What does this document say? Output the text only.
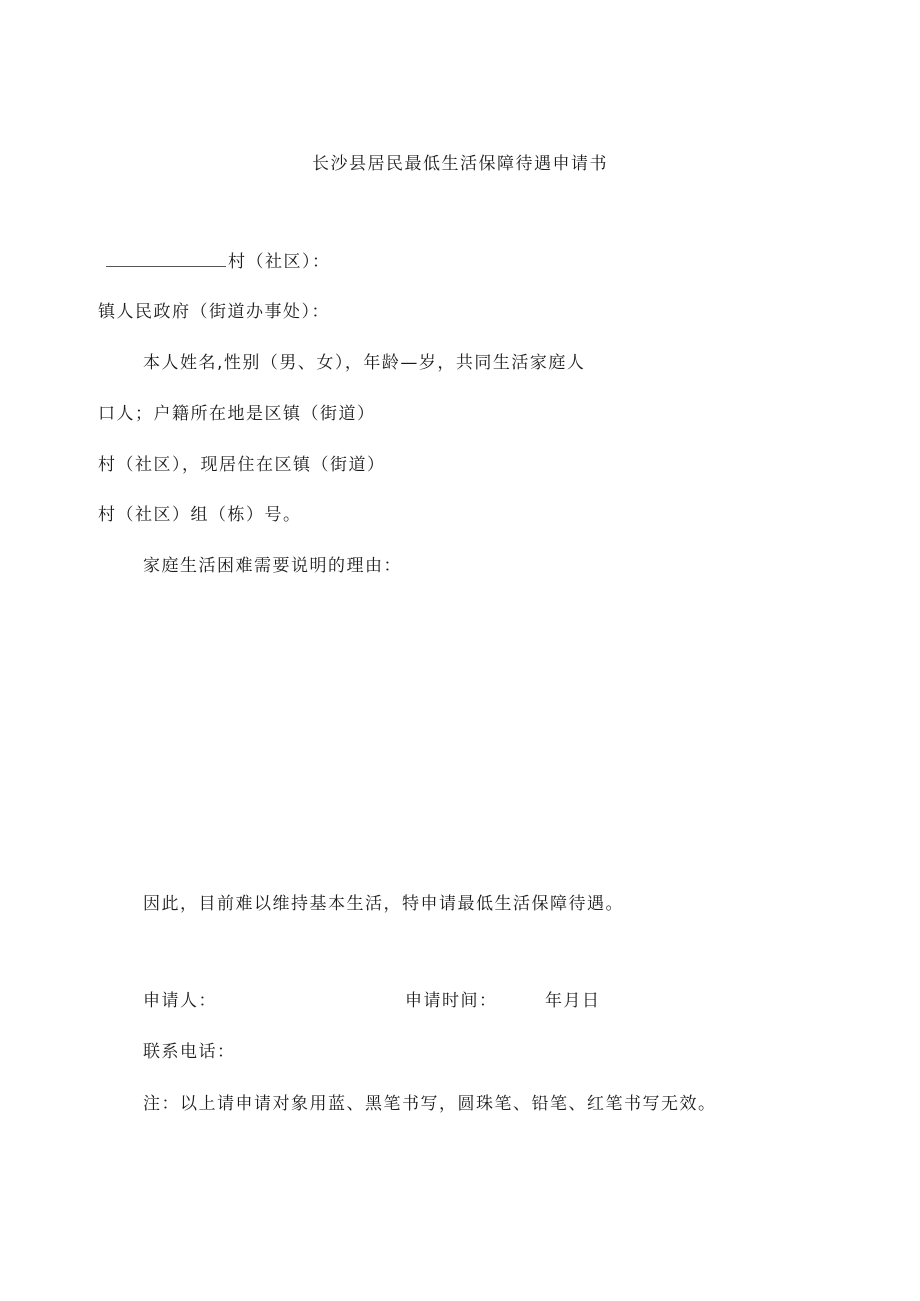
长沙县居民最低生活保障待遇申请书
村（社区）：
镇人民政府（街道办事处）：
本人姓名,性别（男、女），年龄—岁，共同生活家庭人
口人；户籍所在地是区镇（街道）
村（社区），现居住在区镇（街道）
村（社区）组（栋）号。
家庭生活困难需要说明的理由：
因此，目前难以维持基本生活，特申请最低生活保障待遇。
申请人：	申请时间：	年月日
联系电话：
注：以上请申请对象用蓝、黑笔书写，圆珠笔、铅笔、红笔书写无效。
